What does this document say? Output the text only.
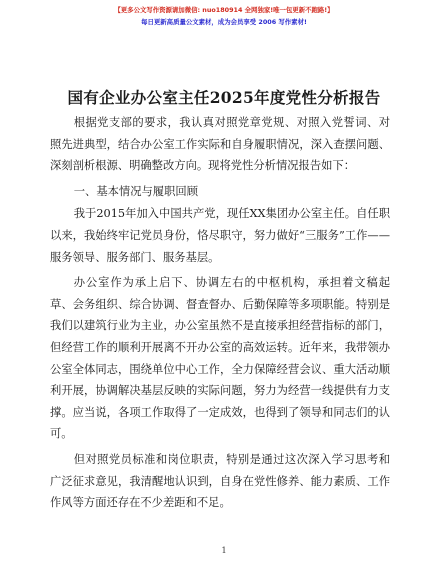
【更多公文写作资源请加微信: nuo180914 全网独家!唯一包更新不跑路!】
每日更新高质量公文素材，成为会员享受 2006 写作素材!
国有企业办公室主任2025年度党性分析报告

根据党支部的要求，我认真对照党章党规、对照入党誓词、对照先进典型，结合办公室工作实际和自身履职情况，深入查摆问题、深刻剖析根源、明确整改方向。现将党性分析情况报告如下：

一、基本情况与履职回顾

我于2015年加入中国共产党，现任XX集团办公室主任。自任职以来，我始终牢记党员身份，恪尽职守，努力做好“三服务”工作——服务领导、服务部门、服务基层。

办公室作为承上启下、协调左右的中枢机构，承担着文稿起草、会务组织、综合协调、督查督办、后勤保障等多项职能。特别是我们以建筑行业为主业，办公室虽然不是直接承担经营指标的部门，但经营工作的顺利开展离不开办公室的高效运转。近年来，我带领办公室全体同志，围绕单位中心工作，全力保障经营会议、重大活动顺利开展，协调解决基层反映的实际问题，努力为经营一线提供有力支撑。应当说，各项工作取得了一定成效，也得到了领导和同志们的认可。

但对照党员标准和岗位职责，特别是通过这次深入学习思考和广泛征求意见，我清醒地认识到，自身在党性修养、能力素质、工作作风等方面还存在不少差距和不足。

1
